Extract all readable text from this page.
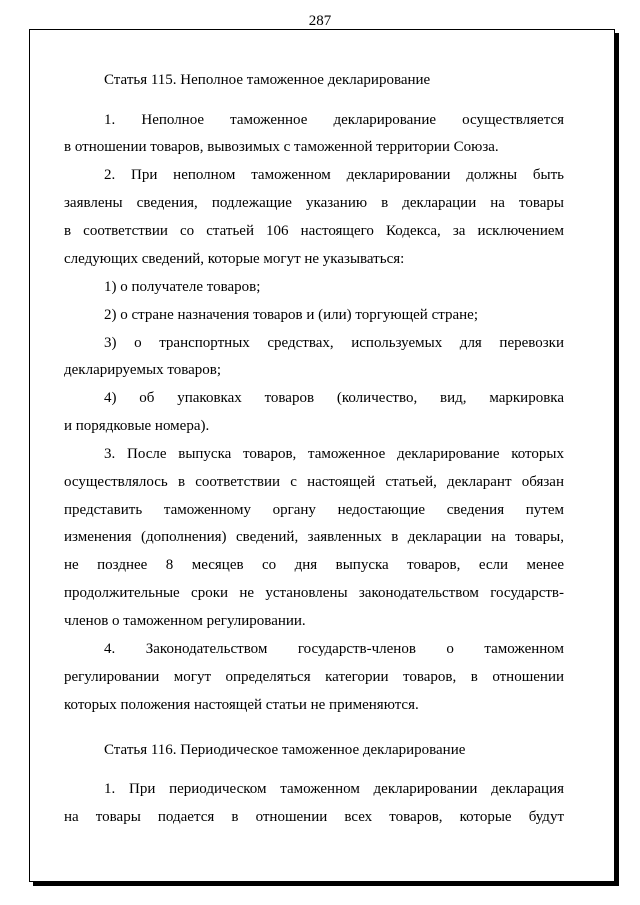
287
Статья 115. Неполное таможенное декларирование
1. Неполное таможенное декларирование осуществляется
в отношении товаров, вывозимых с таможенной территории Союза.
2. При неполном таможенном декларировании должны быть
заявлены сведения, подлежащие указанию в декларации на товары
в соответствии со статьей 106 настоящего Кодекса, за исключением
следующих сведений, которые могут не указываться:
1) о получателе товаров;
2) о стране назначения товаров и (или) торгующей стране;
3) о транспортных средствах, используемых для перевозки
декларируемых товаров;
4) об упаковках товаров (количество, вид, маркировка
и порядковые номера).
3. После выпуска товаров, таможенное декларирование которых
осуществлялось в соответствии с настоящей статьей, декларант обязан
представить таможенному органу недостающие сведения путем
изменения (дополнения) сведений, заявленных в декларации на товары,
не позднее 8 месяцев со дня выпуска товаров, если менее
продолжительные сроки не установлены законодательством государств-
членов о таможенном регулировании.
4. Законодательством государств-членов о таможенном
регулировании могут определяться категории товаров, в отношении
которых положения настоящей статьи не применяются.
Статья 116. Периодическое таможенное декларирование
1. При периодическом таможенном декларировании декларация
на товары подается в отношении всех товаров, которые будут
